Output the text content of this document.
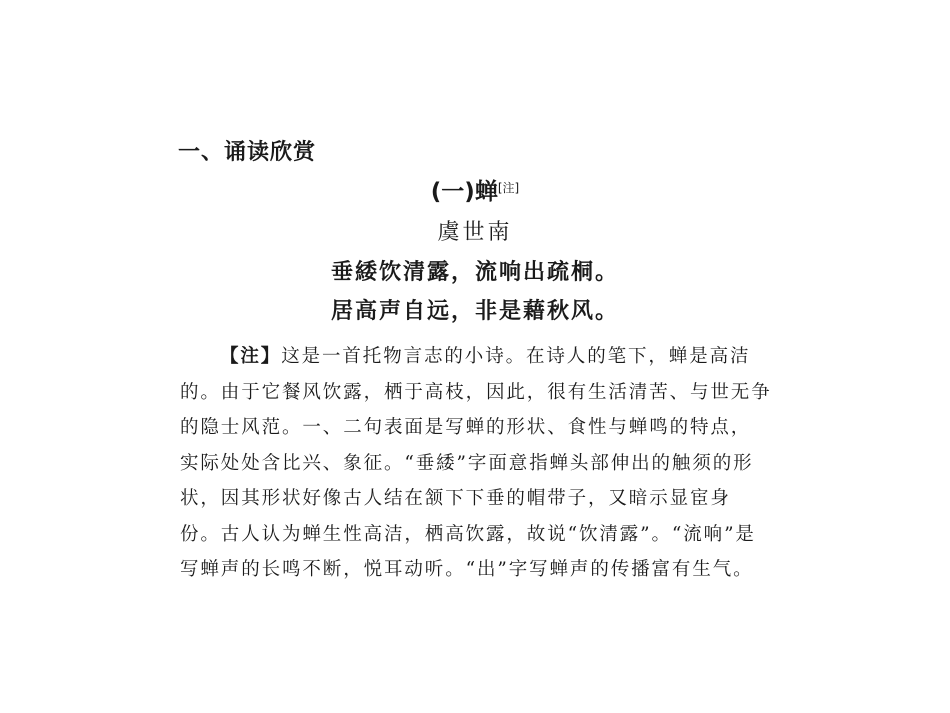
一、诵读欣赏
(一)蝉[注]
虞世南
垂緌饮清露，流响出疏桐。
居高声自远，非是藉秋风。
【注】这是一首托物言志的小诗。在诗人的笔下，蝉是高洁
的。由于它餐风饮露，栖于高枝，因此，很有生活清苦、与世无争
的隐士风范。一、二句表面是写蝉的形状、食性与蝉鸣的特点，
实际处处含比兴、象征。“垂緌”字面意指蝉头部伸出的触须的形
状，因其形状好像古人结在颔下下垂的帽带子，又暗示显宦身
份。古人认为蝉生性高洁，栖高饮露，故说“饮清露”。“流响”是
写蝉声的长鸣不断，悦耳动听。“出”字写蝉声的传播富有生气。
